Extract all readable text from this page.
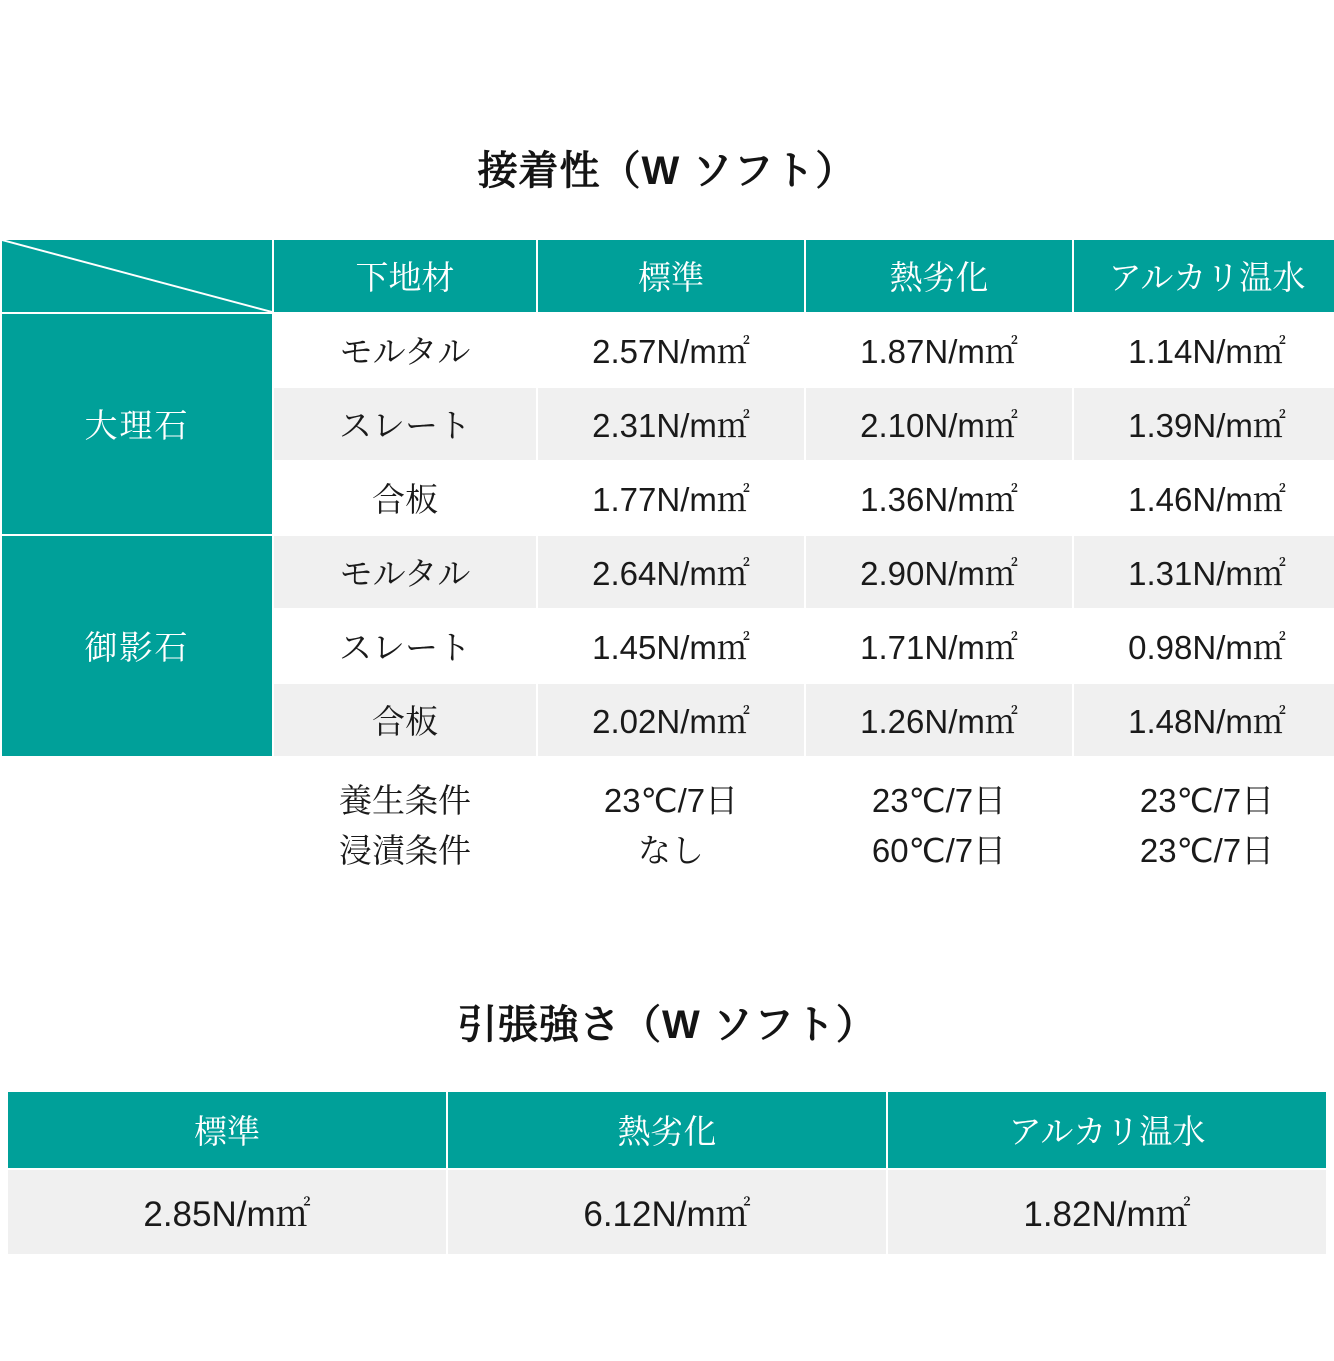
接着性（W ソフト）
	下地材	標準	熱劣化	アルカリ温水
大理石	モルタル	2.57N/m㎡	1.87N/m㎡	1.14N/m㎡
	スレート	2.31N/m㎡	2.10N/m㎡	1.39N/m㎡
	合板	1.77N/m㎡	1.36N/m㎡	1.46N/m㎡
御影石	モルタル	2.64N/m㎡	2.90N/m㎡	1.31N/m㎡
	スレート	1.45N/m㎡	1.71N/m㎡	0.98N/m㎡
	合板	2.02N/m㎡	1.26N/m㎡	1.48N/m㎡
	養生条件	23℃/7日	23℃/7日	23℃/7日
	浸漬条件	なし	60℃/7日	23℃/7日
引張強さ（W ソフト）
標準	熱劣化	アルカリ温水
2.85N/m㎡	6.12N/m㎡	1.82N/m㎡
